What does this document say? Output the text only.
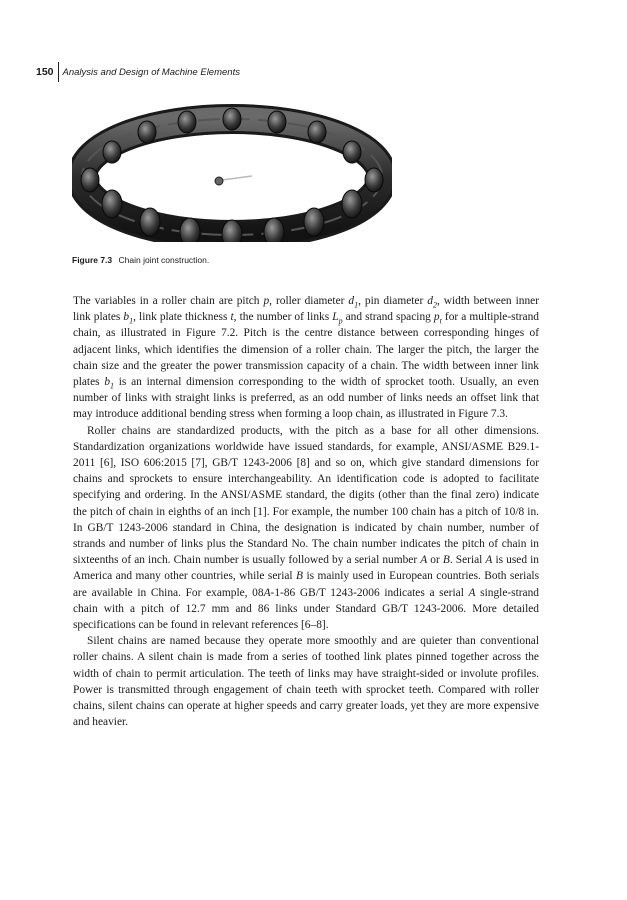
150 Analysis and Design of Machine Elements
Figure 7.3 Chain joint construction.

The variables in a roller chain are pitch p, roller diameter $d_1$, pin diameter $d_2$, width between inner link plates $b_1$, link plate thickness t, the number of links $L_p$ and strand spacing $p_t$ for a multiple-strand chain, as illustrated in Figure 7.2. Pitch is the centre distance between corresponding hinges of adjacent links, which identifies the dimension of a roller chain. The larger the pitch, the larger the chain size and the greater the power transmission capacity of a chain. The width between inner link plates $b_1$ is an internal dimension corresponding to the width of sprocket tooth. Usually, an even number of links with straight links is preferred, as an odd number of links needs an offset link that may introduce additional bending stress when forming a loop chain, as illustrated in Figure 7.3.

Roller chains are standardized products, with the pitch as a base for all other dimensions. Standardization organizations worldwide have issued standards, for example, ANSI/ASME B29.1-2011 [6], ISO 606:2015 [7], GB/T 1243-2006 [8] and so on, which give standard dimensions for chains and sprockets to ensure interchangeability. An identification code is adopted to facilitate specifying and ordering. In the ANSI/ASME standard, the digits (other than the final zero) indicate the pitch of chain in eighths of an inch [1]. For example, the number 100 chain has a pitch of 10/8 in. In GB/T 1243-2006 standard in China, the designation is indicated by chain number, number of strands and number of links plus the Standard No. The chain number indicates the pitch of chain in sixteenths of an inch. Chain number is usually followed by a serial number A or B. Serial A is used in America and many other countries, while serial B is mainly used in European countries. Both serials are available in China. For example, 08A-1-86 GB/T 1243-2006 indicates a serial A single-strand chain with a pitch of 12.7 mm and 86 links under Standard GB/T 1243-2006. More detailed specifications can be found in relevant references [6–8].

Silent chains are named because they operate more smoothly and are quieter than conventional roller chains. A silent chain is made from a series of toothed link plates pinned together across the width of chain to permit articulation. The teeth of links may have straight-sided or involute profiles. Power is transmitted through engagement of chain teeth with sprocket teeth. Compared with roller chains, silent chains can operate at higher speeds and carry greater loads, yet they are more expensive and heavier.
